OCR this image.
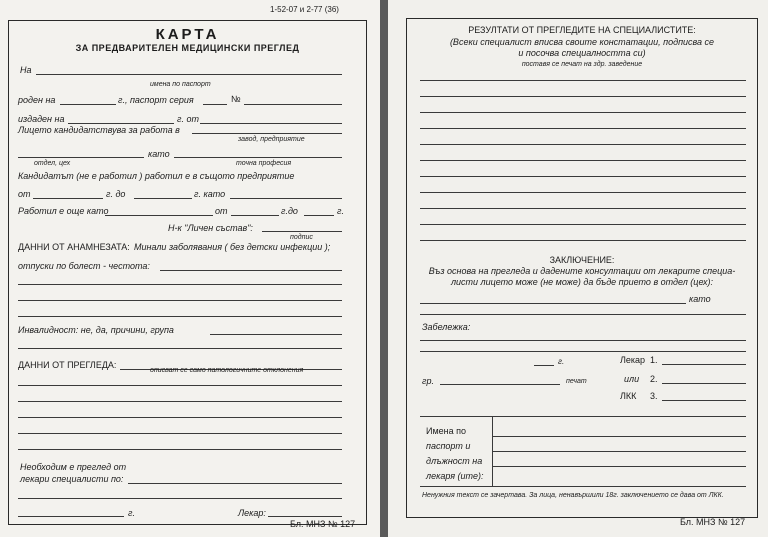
1-52-07 и 2-77 (36)
КАРТА
ЗА ПРЕДВАРИТЕЛЕН МЕДИЦИНСКИ ПРЕГЛЕД
На
имена по паспорт
роден на	г., паспорт серия	№
издаден на	г. от
Лицето кандидатствува за работа в
завод, предприятие
като
отдел, цех	точна професия
Кандидатът (не е работил ) работил е в същото предприятие
от	г. до	г. като
Работил е още като	от	г.до	г.
Н-к "Личен състав":
подпис
ДАННИ ОТ АНАМНЕЗАТА: Минали заболявания ( без детски инфекции );
отпуски по болест - честота:
Инвалидност: не, да, причини, група
ДАННИ ОТ ПРЕГЛЕДА:
описват се само патологичните отклонения
Необходим е преглед от
лекари специалисти по:
г.	Лекар:
Бл. МНЗ № 127
РЕЗУЛТАТИ ОТ ПРЕГЛЕДИТЕ НА СПЕЦИАЛИСТИТЕ:
(Всеки специалист вписва своите констатации, подписва се
и посочва специалността си)
поставя се печат на здр. заведение
ЗАКЛЮЧЕНИЕ:
Въз основа на прегледа и дадените консултации от лекарите специа-
листи лицето може (не може) да бъде прието в отдел (цех):
като
Забележка:
г.	Лекар 1.
гр.	печат	или 2.
ЛКК 3.
Имена по
паспорт и
длъжност на
лекаря (ите):
Ненужния текст се зачертава. За лица, ненавършили 18г. заключението се дава от ЛКК.
Бл. МНЗ № 127
